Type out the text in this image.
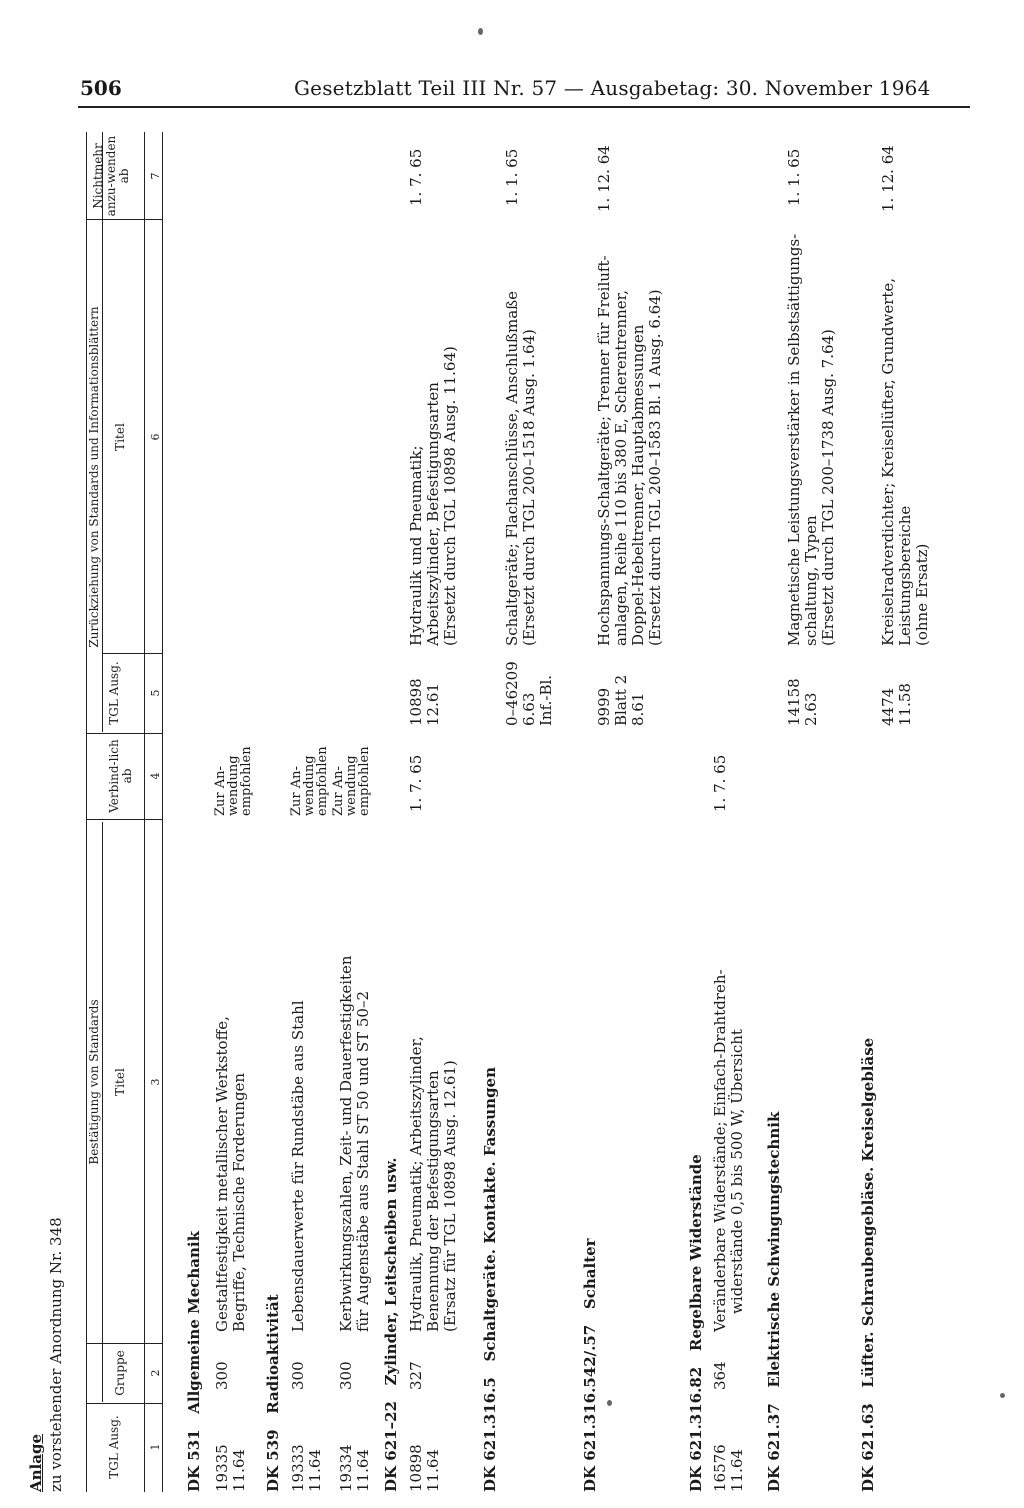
506	Gesetzblatt Teil III Nr. 57 — Ausgabetag: 30. November 1964
Anlage zu vorstehender Anordnung Nr. 348
Bestätigung von Standards
Zurückziehung von Standards und Informationsblättern
TGL Ausg.
Gruppe
Titel
Verbind-lich ab
TGL Ausg.
Titel
Nichtmehr anzu-wenden ab
1
2
3
4
5
6
7
DK 531   Allgemeine Mechanik
19335 11.64
300
Gestaltfestigkeit metallischer Werkstoffe, Begriffe, Technische Forderungen
Zur An-
wendung
empfohlen
DK 539   Radioaktivität
19333 11.64
300
Lebensdauerwerte für Rundstäbe aus Stahl
Zur An-
wendung
empfohlen
19334 11.64
300
Kerbwirkungszahlen, Zeit- und Dauerfestigkeiten für Augenstäbe aus Stahl ST 50 und ST 50–2
Zur An-
wendung
empfohlen
DK 621–22   Zylinder, Leitscheiben usw.
10898 11.64
327
Hydraulik, Pneumatik; Arbeitszylinder, Benennung der Befestigungsarten (Ersatz für TGL 10898 Ausg. 12.61)
1. 7. 65
10898 12.61
Hydraulik und Pneumatik; Arbeitszylinder, Befestigungsarten (Ersetzt durch TGL 10898 Ausg. 11.64)
1. 7. 65
DK 621.316.5   Schaltgeräte. Kontakte. Fassungen
0–46209 6.63 Inf.-Bl.
Schaltgeräte; Flachanschlüsse, Anschlußmaße (Ersetzt durch TGL 200–1518 Ausg. 1.64)
1. 1. 65
DK 621.316.542/.57   Schalter
9999 Blatt 2 8.61
Hochspannungs-Schaltgeräte; Trenner für Freiluft- anlagen, Reihe 110 bis 380 E, Scherentrenner, Doppel-Hebeltrenner, Hauptabmessungen (Ersetzt durch TGL 200–1583 Bl. 1 Ausg. 6.64)
1. 12. 64
DK 621.316.82   Regelbare Widerstände
16576 11.64
364
Veränderbare Widerstände; Einfach-Drahtdreh- widerstände 0,5 bis 500 W, Übersicht
1. 7. 65
DK 621.37   Elektrische Schwingungstechnik
14158 2.63
Magnetische Leistungsverstärker in Selbstsättigungs- schaltung, Typen (Ersetzt durch TGL 200–1738 Ausg. 7.64)
1. 1. 65
DK 621.63   Lüfter. Schraubengebläse. Kreiselgebläse
4474 11.58
Kreiselradverdichter; Kreisellüfter, Grundwerte, Leistungsbereiche (ohne Ersatz)
1. 12. 64
